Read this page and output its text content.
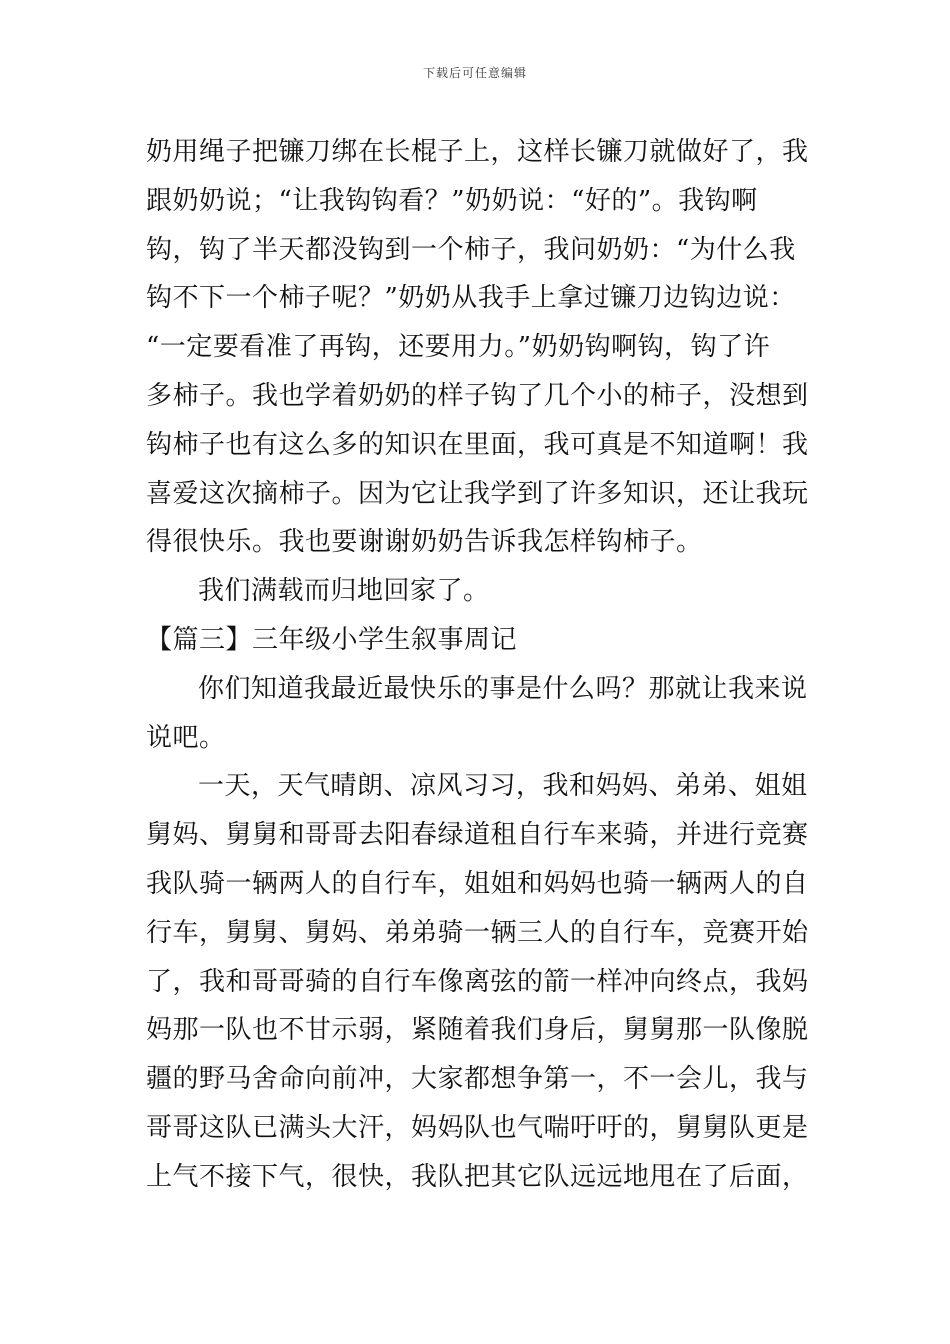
下载后可任意编辑
奶用绳子把镰刀绑在长棍子上，这样长镰刀就做好了，我
跟奶奶说；“让我钩钩看？”奶奶说：“好的”。我钩啊
钩，钩了半天都没钩到一个柿子，我问奶奶：“为什么我
钩不下一个柿子呢？”奶奶从我手上拿过镰刀边钩边说：
“一定要看准了再钩，还要用力。”奶奶钩啊钩，钩了许
多柿子。我也学着奶奶的样子钩了几个小的柿子，没想到
钩柿子也有这么多的知识在里面，我可真是不知道啊！我
喜爱这次摘柿子。因为它让我学到了许多知识，还让我玩
得很快乐。我也要谢谢奶奶告诉我怎样钩柿子。
我们满载而归地回家了。
【篇三】三年级小学生叙事周记
你们知道我最近最快乐的事是什么吗？那就让我来说
说吧。
一天，天气晴朗、凉风习习，我和妈妈、弟弟、姐姐
舅妈、舅舅和哥哥去阳春绿道租自行车来骑，并进行竞赛
我队骑一辆两人的自行车，姐姐和妈妈也骑一辆两人的自
行车，舅舅、舅妈、弟弟骑一辆三人的自行车，竞赛开始
了，我和哥哥骑的自行车像离弦的箭一样冲向终点，我妈
妈那一队也不甘示弱，紧随着我们身后，舅舅那一队像脱
疆的野马舍命向前冲，大家都想争第一，不一会儿，我与
哥哥这队已满头大汗，妈妈队也气喘吁吁的，舅舅队更是
上气不接下气，很快，我队把其它队远远地甩在了后面，
